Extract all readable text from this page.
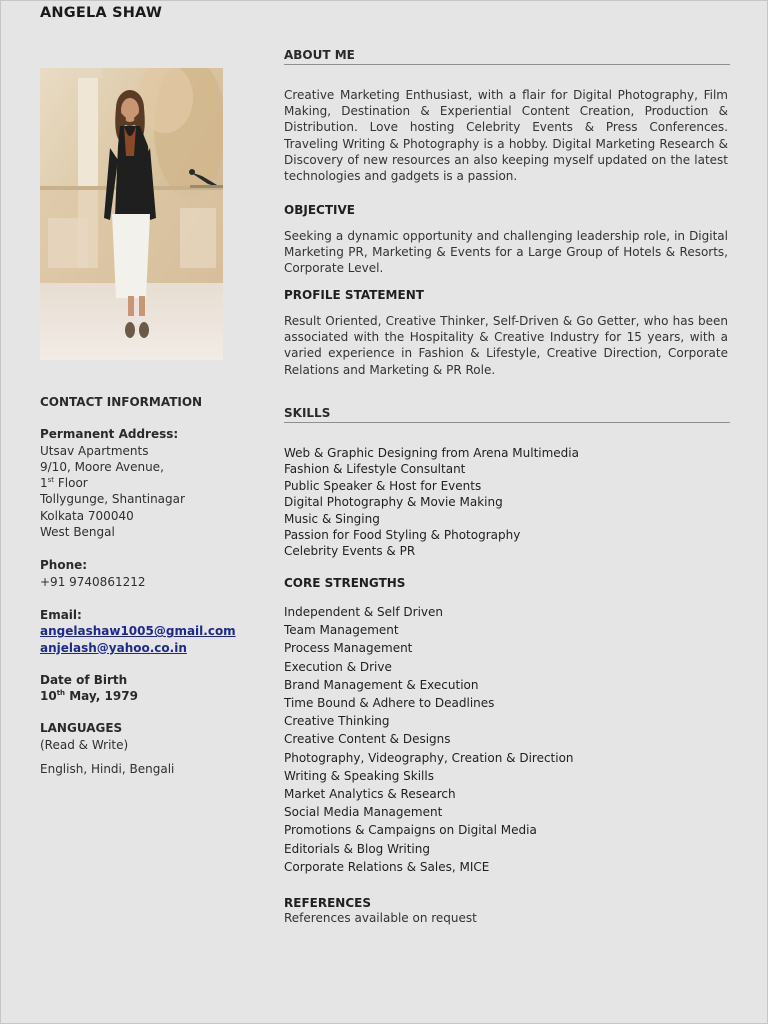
ANGELA SHAW
CONTACT INFORMATION
Permanent Address:
Utsav Apartments
9/10, Moore Avenue,
1st Floor
Tollygunge, Shantinagar
Kolkata 700040
West Bengal
Phone:
+91 9740861212
Email:
angelashaw1005@gmail.com
anjelash@yahoo.co.in
Date of Birth
10th May, 1979
LANGUAGES
(Read & Write)
English, Hindi, Bengali
ABOUT ME

Creative Marketing Enthusiast, with a flair for Digital Photography, Film Making, Destination & Experiential Content Creation, Production & Distribution. Love hosting Celebrity Events & Press Conferences. Traveling Writing & Photography is a hobby. Digital Marketing Research & Discovery of new resources an also keeping myself updated on the latest technologies and gadgets is a passion.

OBJECTIVE

Seeking a dynamic opportunity and challenging leadership role, in Digital Marketing PR, Marketing & Events for a Large Group of Hotels & Resorts, Corporate Level.

PROFILE STATEMENT

Result Oriented, Creative Thinker, Self-Driven & Go Getter, who has been associated with the Hospitality & Creative Industry for 15 years, with a varied experience in Fashion & Lifestyle, Creative Direction, Corporate Relations and Marketing & PR Role.

SKILLS
Web & Graphic Designing from Arena Multimedia
Fashion & Lifestyle Consultant
Public Speaker & Host for Events
Digital Photography & Movie Making
Music & Singing
Passion for Food Styling & Photography
Celebrity Events & PR
CORE STRENGTHS
Independent & Self Driven
Team Management
Process Management
Execution & Drive
Brand Management & Execution
Time Bound & Adhere to Deadlines
Creative Thinking
Creative Content & Designs
Photography, Videography, Creation & Direction
Writing & Speaking Skills
Market Analytics & Research
Social Media Management
Promotions & Campaigns on Digital Media
Editorials & Blog Writing
Corporate Relations & Sales, MICE
REFERENCES
References available on request
